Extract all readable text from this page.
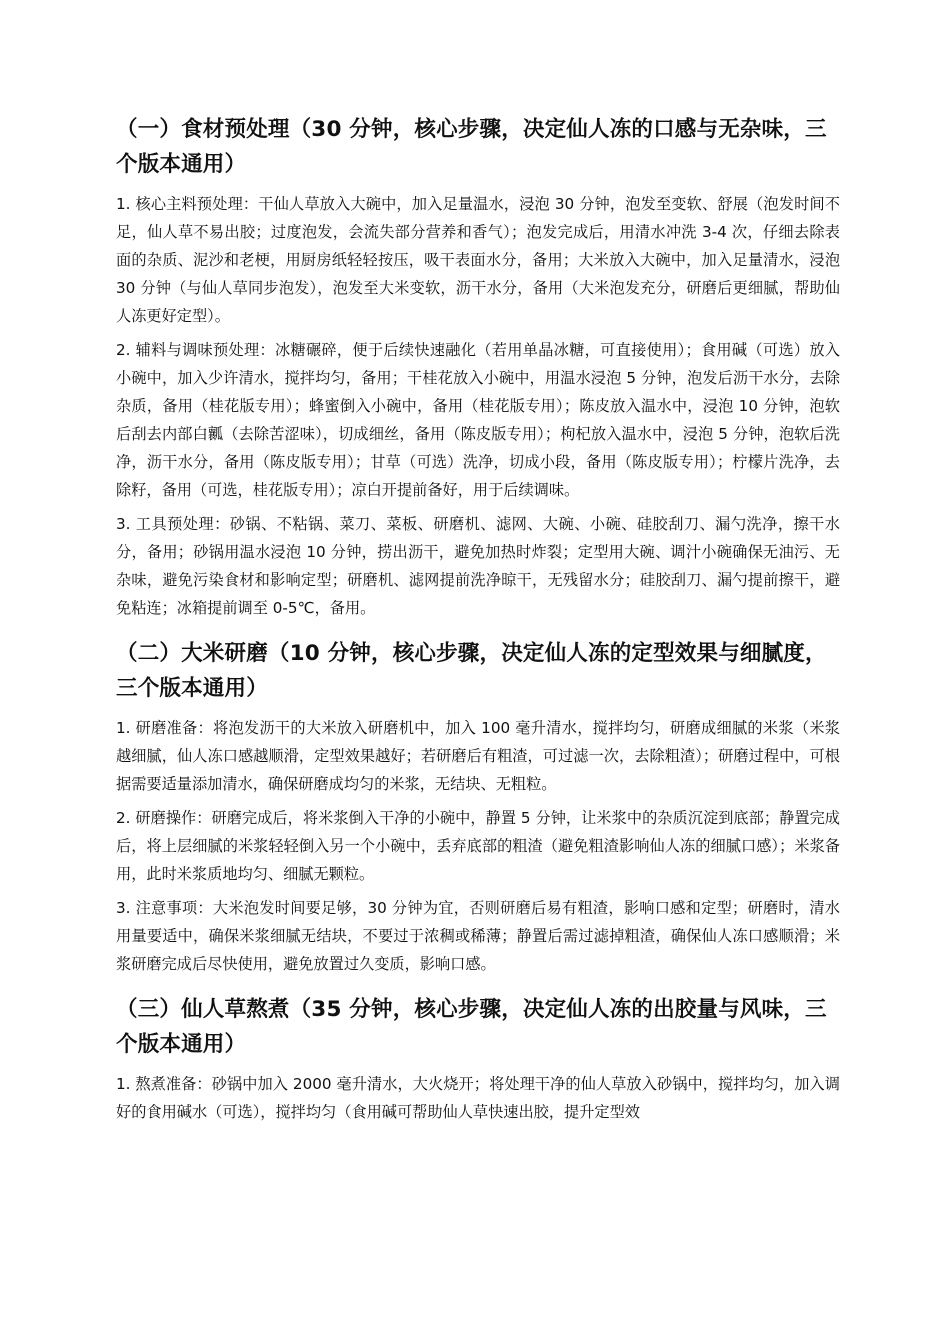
（一）食材预处理（30 分钟，核心步骤，决定仙人冻的口感与无杂味，三个版本通用）

1. 核心主料预处理：干仙人草放入大碗中，加入足量温水，浸泡 30 分钟，泡发至变软、舒展（泡发时间不足，仙人草不易出胶；过度泡发，会流失部分营养和香气）；泡发完成后，用清水冲洗 3-4 次，仔细去除表面的杂质、泥沙和老梗，用厨房纸轻轻按压，吸干表面水分，备用；大米放入大碗中，加入足量清水，浸泡 30 分钟（与仙人草同步泡发），泡发至大米变软，沥干水分，备用（大米泡发充分，研磨后更细腻，帮助仙人冻更好定型）。

2. 辅料与调味预处理：冰糖碾碎，便于后续快速融化（若用单晶冰糖，可直接使用）；食用碱（可选）放入小碗中，加入少许清水，搅拌均匀，备用；干桂花放入小碗中，用温水浸泡 5 分钟，泡发后沥干水分，去除杂质，备用（桂花版专用）；蜂蜜倒入小碗中，备用（桂花版专用）；陈皮放入温水中，浸泡 10 分钟，泡软后刮去内部白瓤（去除苦涩味），切成细丝，备用（陈皮版专用）；枸杞放入温水中，浸泡 5 分钟，泡软后洗净，沥干水分，备用（陈皮版专用）；甘草（可选）洗净，切成小段，备用（陈皮版专用）；柠檬片洗净，去除籽，备用（可选，桂花版专用）；凉白开提前备好，用于后续调味。

3. 工具预处理：砂锅、不粘锅、菜刀、菜板、研磨机、滤网、大碗、小碗、硅胶刮刀、漏勺洗净，擦干水分，备用；砂锅用温水浸泡 10 分钟，捞出沥干，避免加热时炸裂；定型用大碗、调汁小碗确保无油污、无杂味，避免污染食材和影响定型；研磨机、滤网提前洗净晾干，无残留水分；硅胶刮刀、漏勺提前擦干，避免粘连；冰箱提前调至 0-5℃，备用。

（二）大米研磨（10 分钟，核心步骤，决定仙人冻的定型效果与细腻度，三个版本通用）

1. 研磨准备：将泡发沥干的大米放入研磨机中，加入 100 毫升清水，搅拌均匀，研磨成细腻的米浆（米浆越细腻，仙人冻口感越顺滑，定型效果越好；若研磨后有粗渣，可过滤一次，去除粗渣）；研磨过程中，可根据需要适量添加清水，确保研磨成均匀的米浆，无结块、无粗粒。

2. 研磨操作：研磨完成后，将米浆倒入干净的小碗中，静置 5 分钟，让米浆中的杂质沉淀到底部；静置完成后，将上层细腻的米浆轻轻倒入另一个小碗中，丢弃底部的粗渣（避免粗渣影响仙人冻的细腻口感）；米浆备用，此时米浆质地均匀、细腻无颗粒。

3. 注意事项：大米泡发时间要足够，30 分钟为宜，否则研磨后易有粗渣，影响口感和定型；研磨时，清水用量要适中，确保米浆细腻无结块，不要过于浓稠或稀薄；静置后需过滤掉粗渣，确保仙人冻口感顺滑；米浆研磨完成后尽快使用，避免放置过久变质，影响口感。

（三）仙人草熬煮（35 分钟，核心步骤，决定仙人冻的出胶量与风味，三个版本通用）

1. 熬煮准备：砂锅中加入 2000 毫升清水，大火烧开；将处理干净的仙人草放入砂锅中，搅拌均匀，加入调好的食用碱水（可选），搅拌均匀（食用碱可帮助仙人草快速出胶，提升定型效
